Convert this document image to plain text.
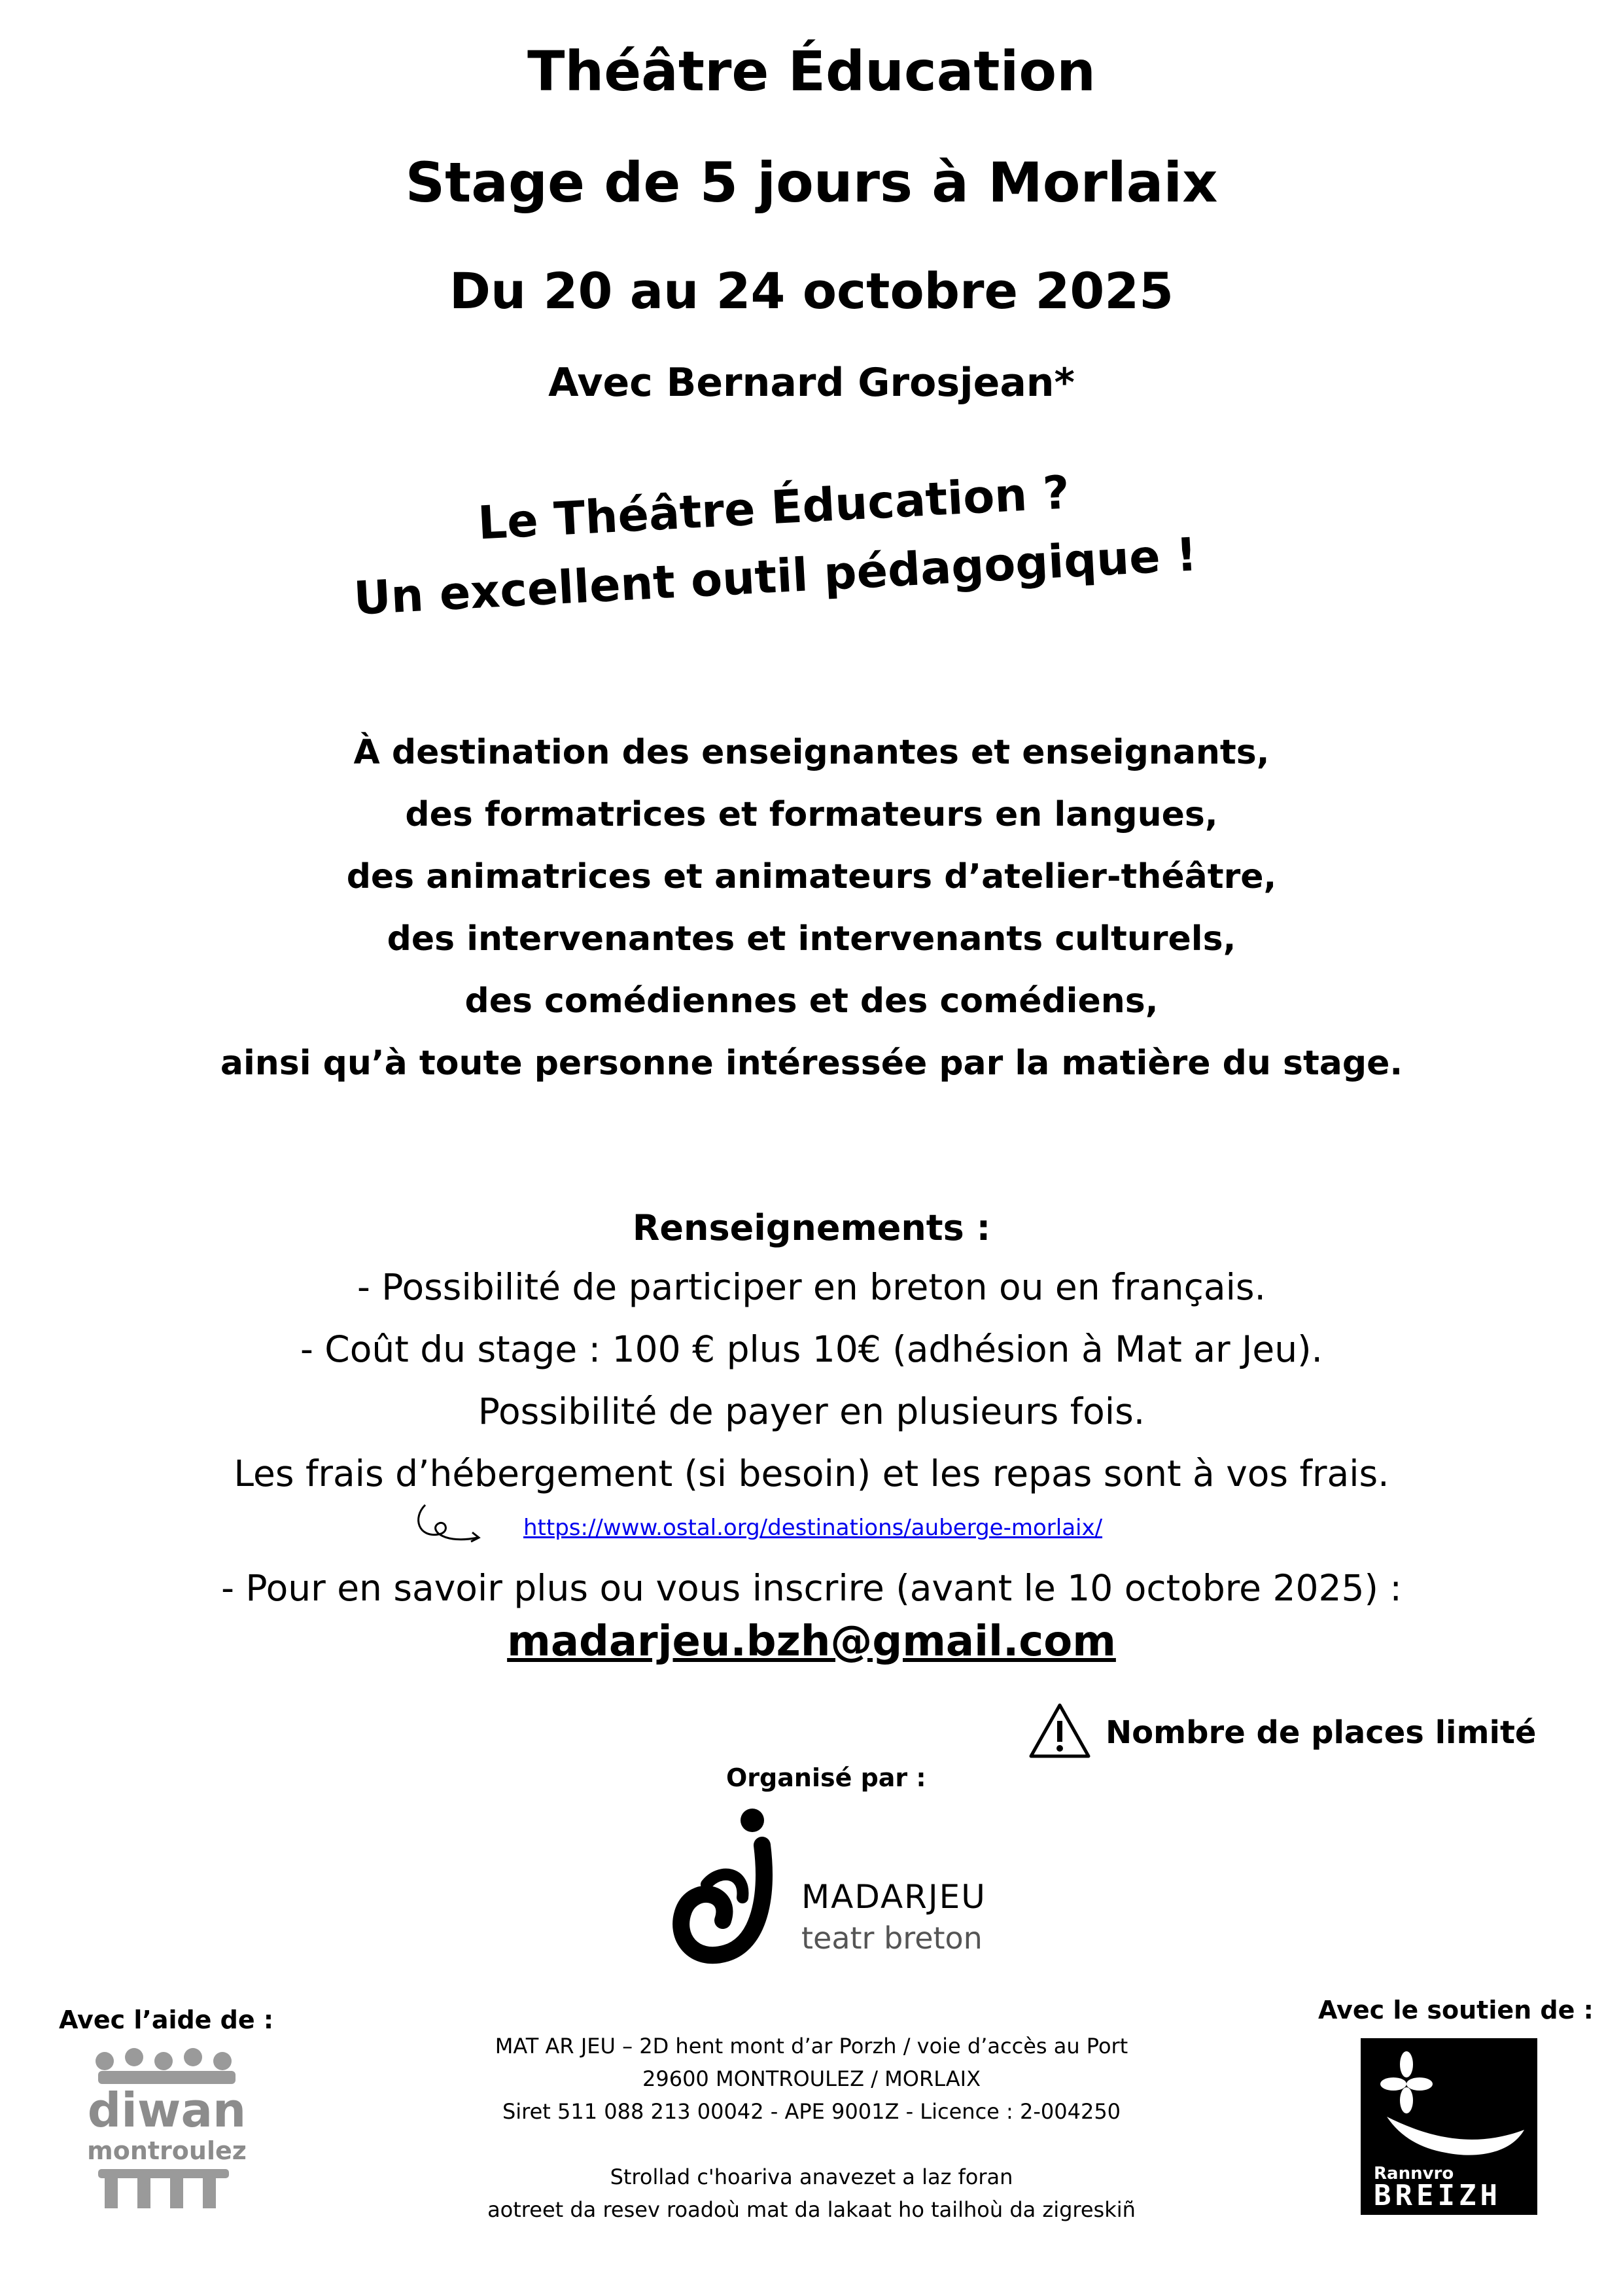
Théâtre Éducation
Stage de 5 jours à Morlaix
Du 20 au 24 octobre 2025
Avec Bernard Grosjean*
Le Théâtre Éducation ?
Un excellent outil pédagogique !
À destination des enseignantes et enseignants,
des formatrices et formateurs en langues,
des animatrices et animateurs d’atelier-théâtre,
des intervenantes et intervenants culturels,
des comédiennes et des comédiens,
ainsi qu’à toute personne intéressée par la matière du stage.
Renseignements :
- Possibilité de participer en breton ou en français.
- Coût du stage : 100 € plus 10€ (adhésion à Mat ar Jeu).
Possibilité de payer en plusieurs fois.
Les frais d’hébergement (si besoin) et les repas sont à vos frais.
https://www.ostal.org/destinations/auberge-morlaix/
- Pour en savoir plus ou vous inscrire (avant le 10 octobre 2025) :
madarjeu.bzh@gmail.com
Nombre de places limité
Organisé par :
MADARJEU
teatr breton
Avec l’aide de :
diwan
montroulez
Avec le soutien de :
Rannvro
BREIZH
MAT AR JEU – 2D hent mont d’ar Porzh / voie d’accès au Port
29600 MONTROULEZ / MORLAIX
Siret 511 088 213 00042 - APE 9001Z - Licence : 2-004250
Strollad c'hoariva anavezet a laz foran
aotreet da resev roadoù mat da lakaat ho tailhoù da zigreskiñ
